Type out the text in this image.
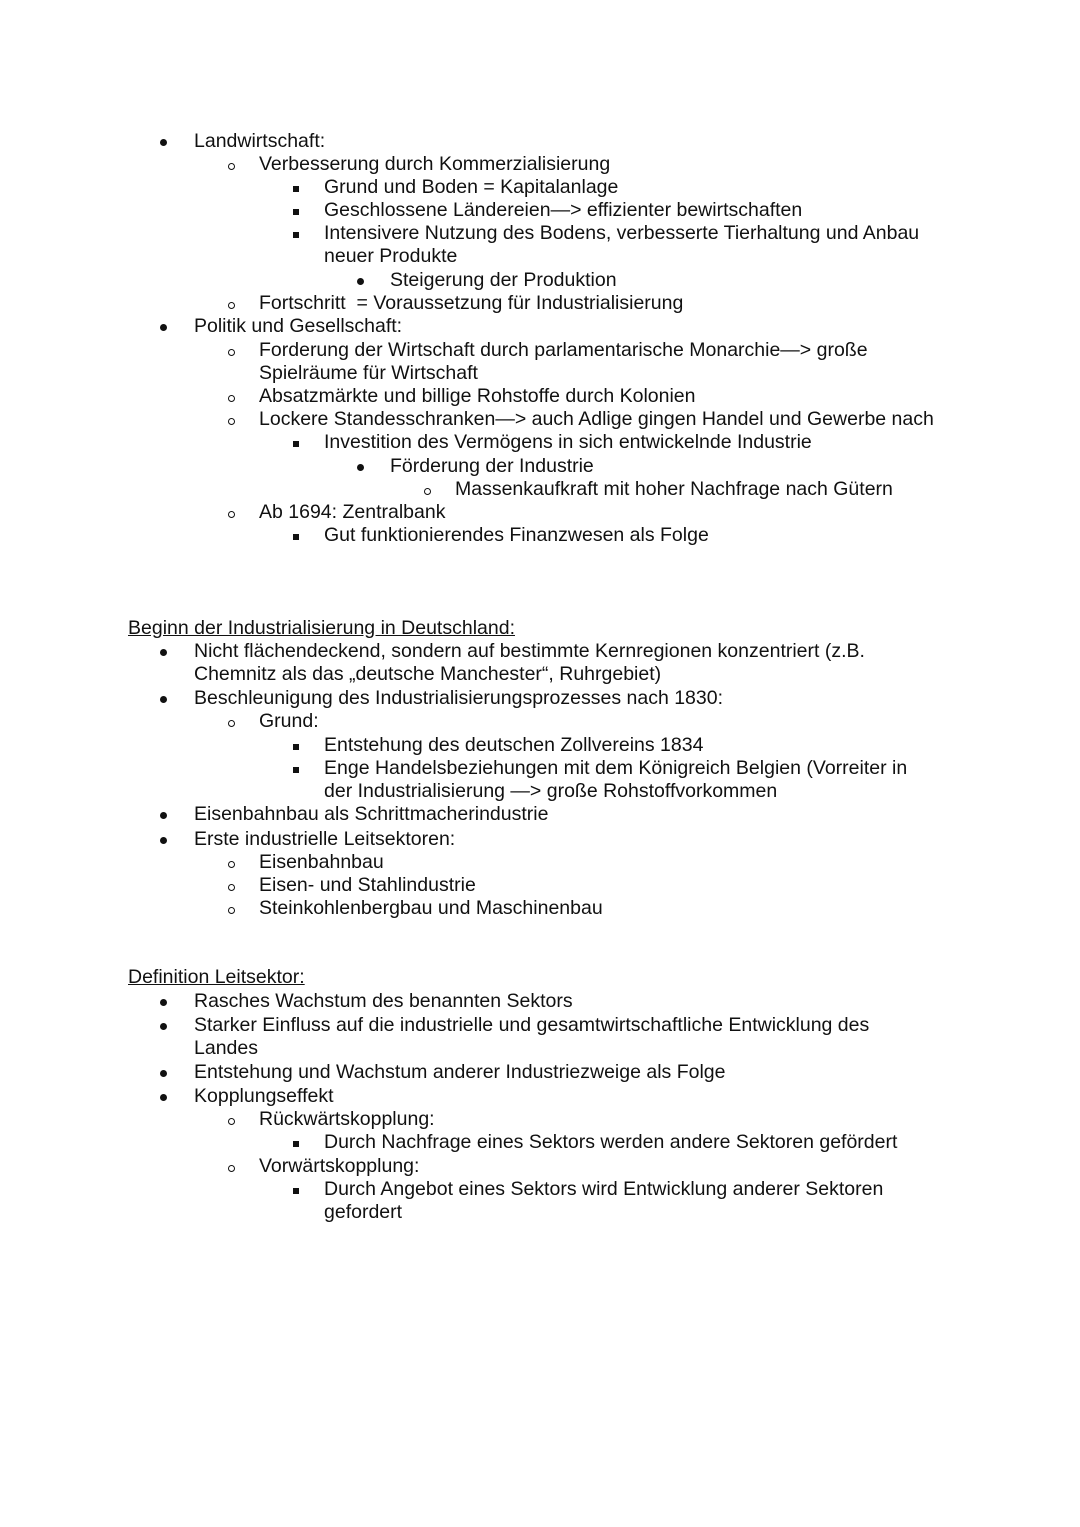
Landwirtschaft:
Verbesserung durch Kommerzialisierung
Grund und Boden = Kapitalanlage
Geschlossene Ländereien—> effizienter bewirtschaften
Intensivere Nutzung des Bodens, verbesserte Tierhaltung und Anbau neuer Produkte
Steigerung der Produktion
Fortschritt  = Voraussetzung für Industrialisierung
Politik und Gesellschaft:
Forderung der Wirtschaft durch parlamentarische Monarchie—> große Spielräume für Wirtschaft
Absatzmärkte und billige Rohstoffe durch Kolonien
Lockere Standesschranken—> auch Adlige gingen Handel und Gewerbe nach
Investition des Vermögens in sich entwickelnde Industrie
Förderung der Industrie
Massenkaufkraft mit hoher Nachfrage nach Gütern
Ab 1694: Zentralbank
Gut funktionierendes Finanzwesen als Folge
Beginn der Industrialisierung in Deutschland:
Nicht flächendeckend, sondern auf bestimmte Kernregionen konzentriert (z.B. Chemnitz als das „deutsche Manchester“, Ruhrgebiet)
Beschleunigung des Industrialisierungsprozesses nach 1830:
Grund:
Entstehung des deutschen Zollvereins 1834
Enge Handelsbeziehungen mit dem Königreich Belgien (Vorreiter in der Industrialisierung —> große Rohstoffvorkommen
Eisenbahnbau als Schrittmacherindustrie
Erste industrielle Leitsektoren:
Eisenbahnbau
Eisen- und Stahlindustrie
Steinkohlenbergbau und Maschinenbau
Definition Leitsektor:
Rasches Wachstum des benannten Sektors
Starker Einfluss auf die industrielle und gesamtwirtschaftliche Entwicklung des Landes
Entstehung und Wachstum anderer Industriezweige als Folge
Kopplungseffekt
Rückwärtskopplung:
Durch Nachfrage eines Sektors werden andere Sektoren gefördert
Vorwärtskopplung:
Durch Angebot eines Sektors wird Entwicklung anderer Sektoren gefordert
